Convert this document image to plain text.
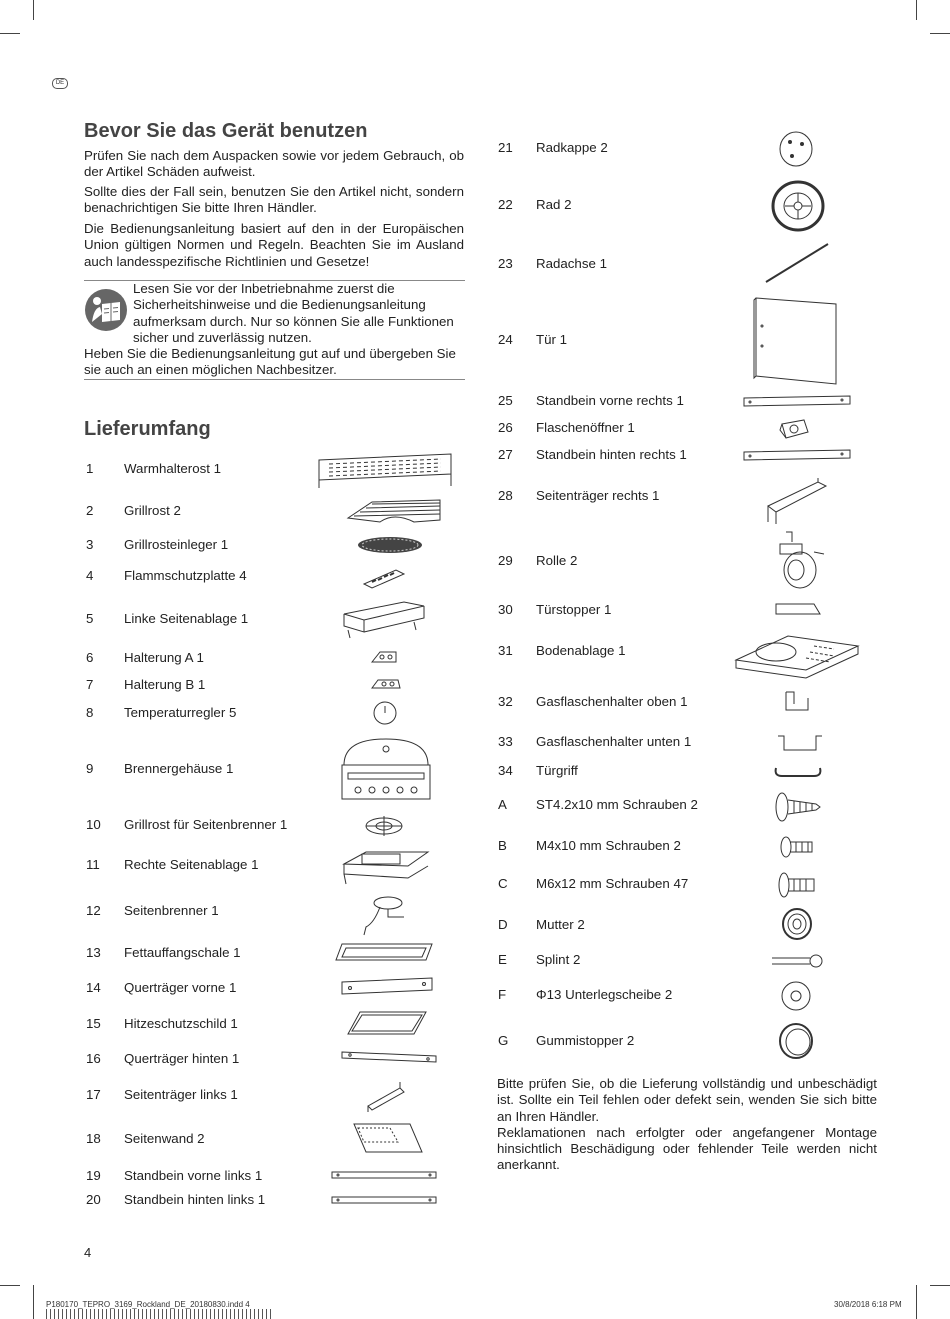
DE
Bevor Sie das Gerät benutzen

Prüfen Sie nach dem Auspacken sowie vor jedem Gebrauch, ob der Artikel Schäden aufweist.

Sollte dies der Fall sein, benutzen Sie den Artikel nicht, sondern benachrichtigen Sie bitte Ihren Händler.

Die Bedienungsanleitung basiert auf den in der Europäischen Union gültigen Normen und Regeln. Beachten Sie im Ausland auch landesspezifische Richtlinien und Gesetze!

Lesen Sie vor der Inbetriebnahme zuerst die Sicherheitshinweise und die Bedienungsanleitung aufmerksam durch. Nur so können Sie alle Funktionen sicher und zuverlässig nutzen.
Heben Sie die Bedienungsanleitung gut auf und übergeben Sie sie auch an einen möglichen Nachbesitzer.
Lieferumfang
1 Warmhalterost 1
2 Grillrost 2
3 Grillrosteinleger 1
4 Flammschutzplatte 4
5 Linke Seitenablage 1
6 Halterung A 1
7 Halterung B 1
8 Temperaturregler 5
9 Brennergehäuse 1
10 Grillrost für Seitenbrenner 1
11 Rechte Seitenablage 1
12 Seitenbrenner 1
13 Fettauffangschale 1
14 Querträger vorne 1
15 Hitzeschutzschild 1
16 Querträger hinten 1
17 Seitenträger links 1
18 Seitenwand 2
19 Standbein vorne links 1
20 Standbein hinten links 1
21 Radkappe 2
22 Rad 2
23 Radachse 1
24 Tür 1
25 Standbein vorne rechts 1
26 Flaschenöffner 1
27 Standbein hinten rechts 1
28 Seitenträger rechts 1
29 Rolle 2
30 Türstopper 1
31 Bodenablage 1
32 Gasflaschenhalter oben 1
33 Gasflaschenhalter unten 1
34 Türgriff
A ST4.2x10 mm Schrauben 2
B M4x10 mm Schrauben 2
C M6x12 mm Schrauben 47
D Mutter 2
E Splint 2
F Φ13 Unterlegscheibe 2
G Gummistopper 2

Bitte prüfen Sie, ob die Lieferung vollständig und unbeschädigt ist. Sollte ein Teil fehlen oder defekt sein, wenden Sie sich bitte an Ihren Händler.
Reklamationen nach erfolgter oder angefangener Montage hinsichtlich Beschädigung oder fehlender Teile werden nicht anerkannt.

4
P180170_TEPRO_3169_Rockland_DE_20180830.indd 4	30/8/2018 6:18 PM
